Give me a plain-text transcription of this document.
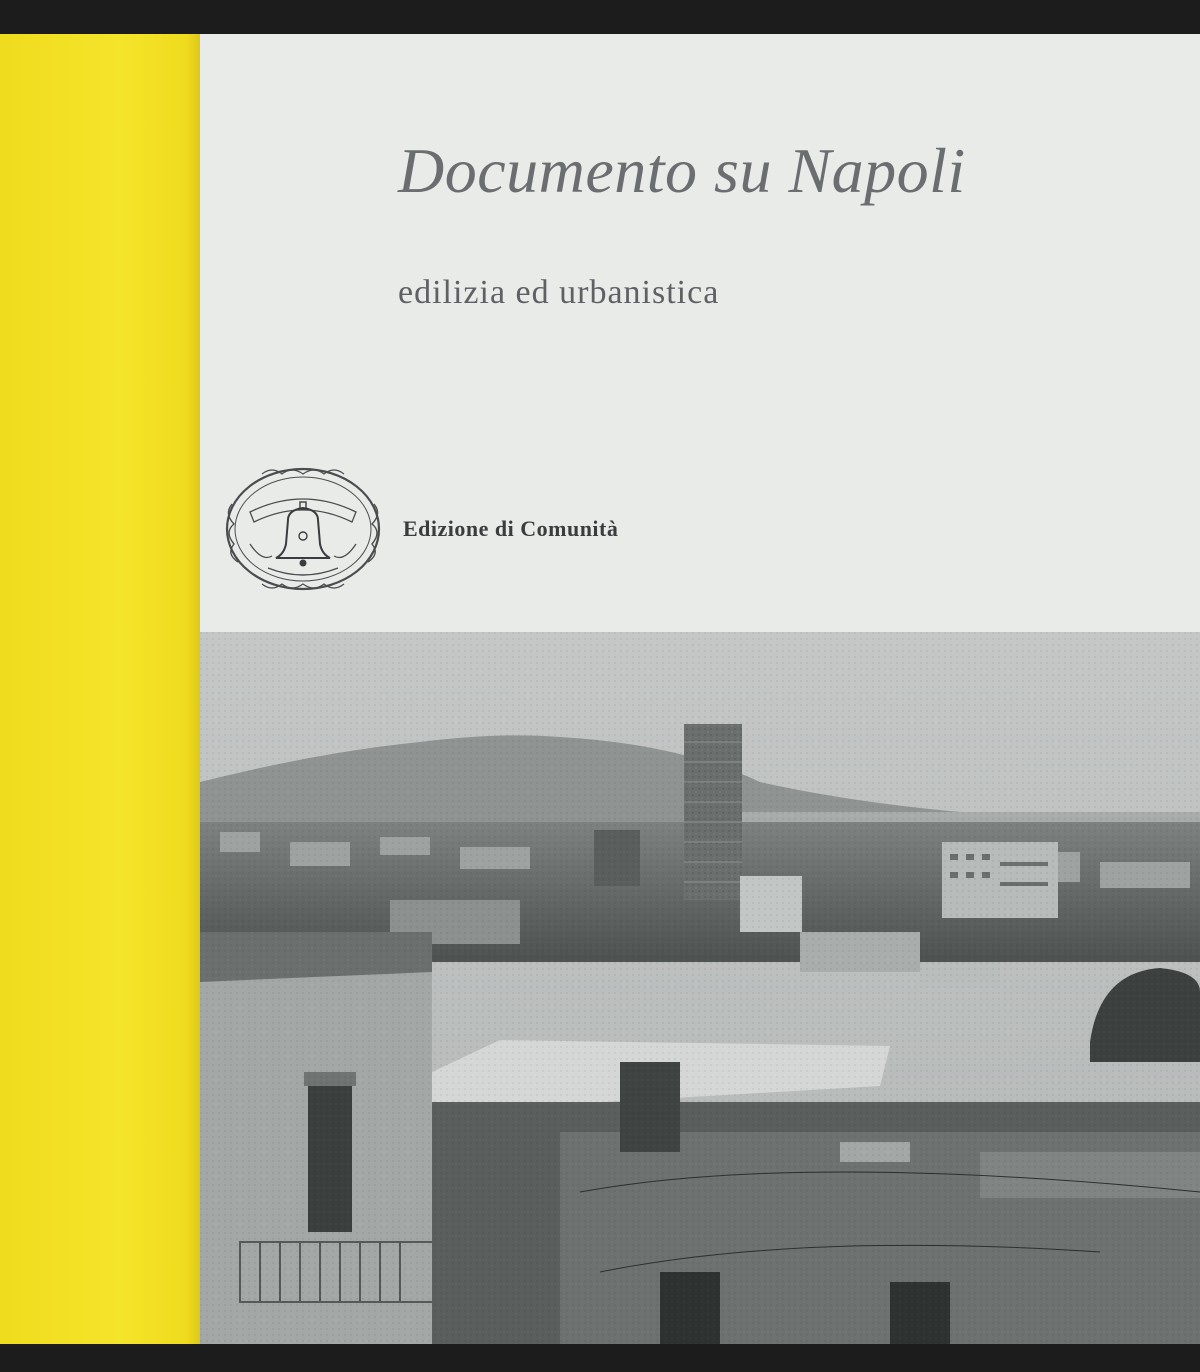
Documento su Napoli
edilizia ed urbanistica
Edizione di Comunità
